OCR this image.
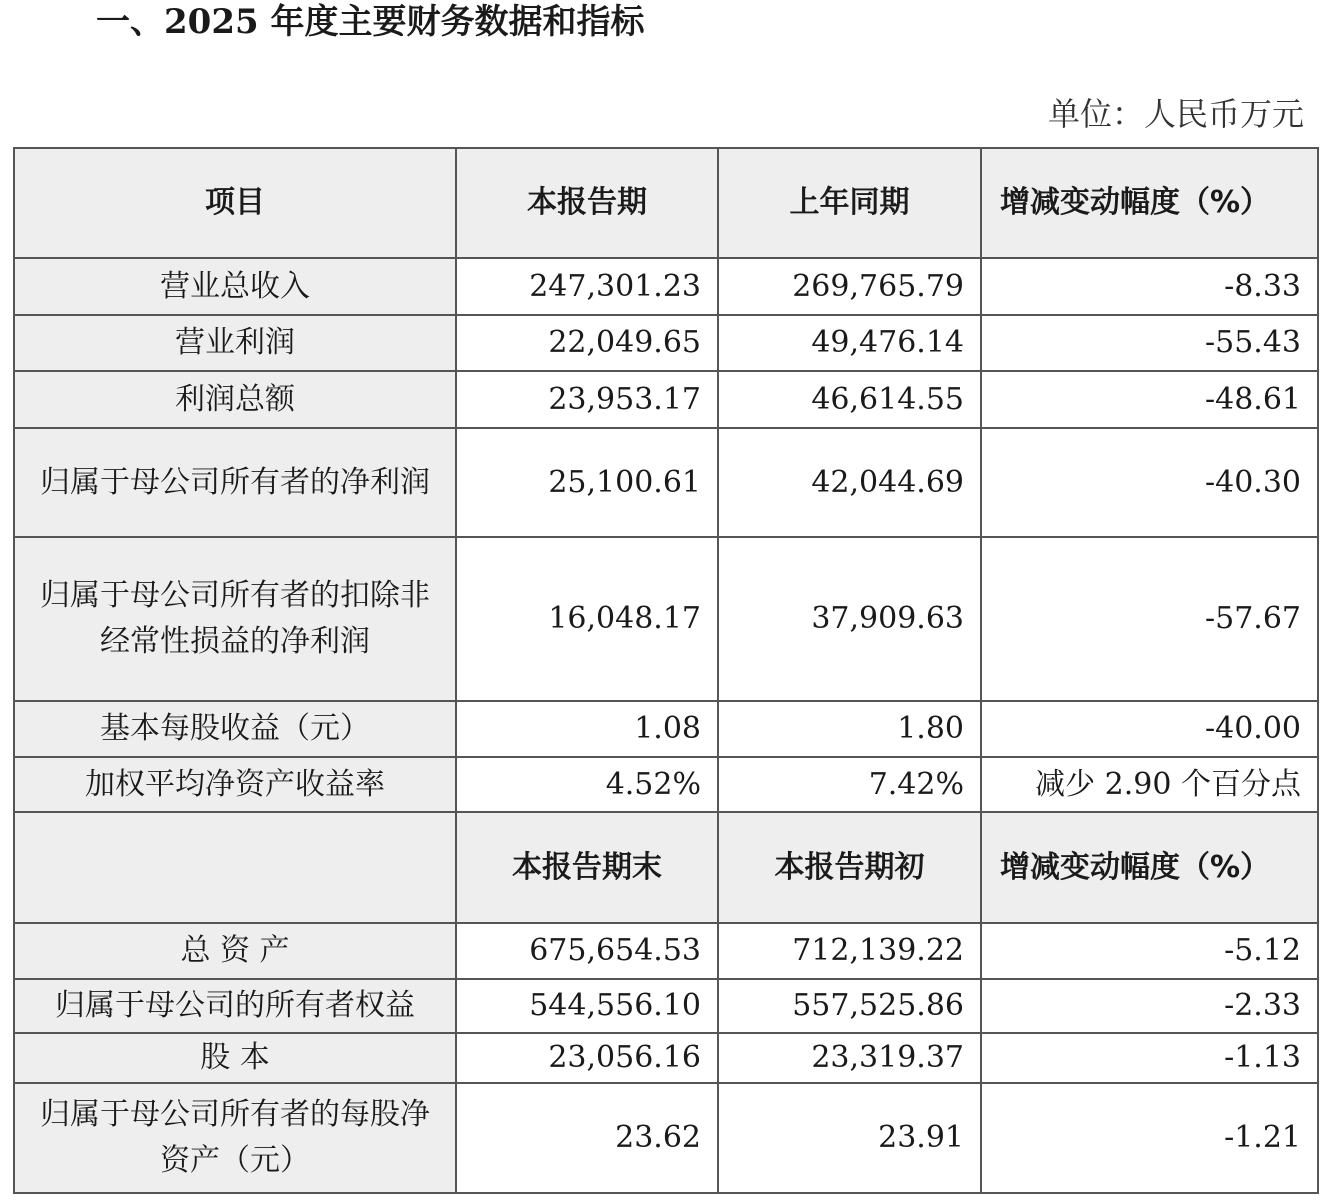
一、2025 年度主要财务数据和指标
单位：人民币万元
项目	本报告期	上年同期	增减变动幅度（%）
营业总收入	247,301.23	269,765.79	-8.33
营业利润	22,049.65	49,476.14	-55.43
利润总额	23,953.17	46,614.55	-48.61
归属于母公司所有者的净利润	25,100.61	42,044.69	-40.30
归属于母公司所有者的扣除非经常性损益的净利润	16,048.17	37,909.63	-57.67
基本每股收益（元）	1.08	1.80	-40.00
加权平均净资产收益率	4.52%	7.42%	减少 2.90 个百分点
	本报告期末	本报告期初	增减变动幅度（%）
总 资 产	675,654.53	712,139.22	-5.12
归属于母公司的所有者权益	544,556.10	557,525.86	-2.33
股 本	23,056.16	23,319.37	-1.13
归属于母公司所有者的每股净资产（元）	23.62	23.91	-1.21
